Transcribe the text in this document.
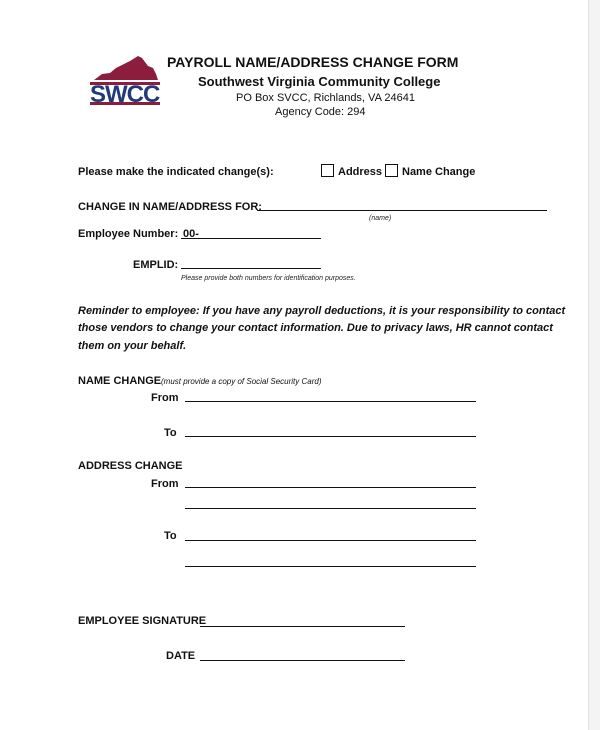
SWCC
PAYROLL NAME/ADDRESS CHANGE FORM
Southwest Virginia Community College
PO Box SVCC, Richlands, VA 24641
Agency Code: 294
Please make the indicated change(s):	Address Name Change
CHANGE IN NAME/ADDRESS FOR:
(name)
Employee Number: 00-
EMPLID:
Please provide both numbers for identification purposes.
Reminder to employee: If you have any payroll deductions, it is your responsibility to contact
those vendors to change your contact information. Due to privacy laws, HR cannot contact
them on your behalf.
NAME CHANGE (must provide a copy of Social Security Card)
From
To
ADDRESS CHANGE
From
To
EMPLOYEE SIGNATURE
DATE
